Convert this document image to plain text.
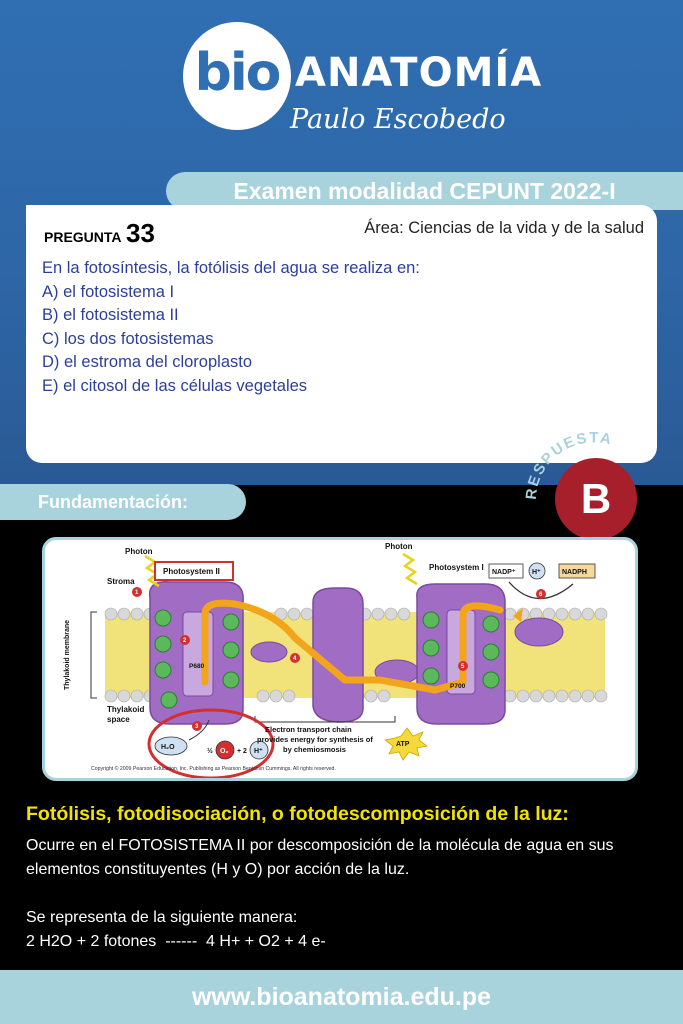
bio ANATOMÍA
Paulo Escobedo
Examen modalidad CEPUNT 2022-I
PREGUNTA 33	Área: Ciencias de la vida y de la salud
En la fotosíntesis, la fotólisis del agua se realiza en:
A) el fotosistema I
B) el fotosistema II
C) los dos fotosistemas
D) el estroma del cloroplasto
E) el citosol de las células vegetales
RESPUESTA
B
Fundamentación:
Photon
Photon
Stroma
Photosystem II	Photosystem I
Thylakoid
space
P680
P700
NADP⁺ H⁺	NADPH
H₂O
½ O₂ + 2 H⁺
Electron transport chain
provides energy for synthesis of
by chemiosmosis
ATP
Thylakoid membrane
1
2
3
4
5
6
Copyright © 2009 Pearson Education, Inc. Publishing as Pearson Benjamin Cummings. All rights reserved.
Fotólisis, fotodisociación, o fotodescomposición de la luz:
Ocurre en el FOTOSISTEMA II por descomposición de la molécula de agua en sus elementos constituyentes (H y O) por acción de la luz.
Se representa de la siguiente manera:
2 H2O + 2 fotones  ------  4 H+ + O2 + 4 e-
www.bioanatomia.edu.pe
